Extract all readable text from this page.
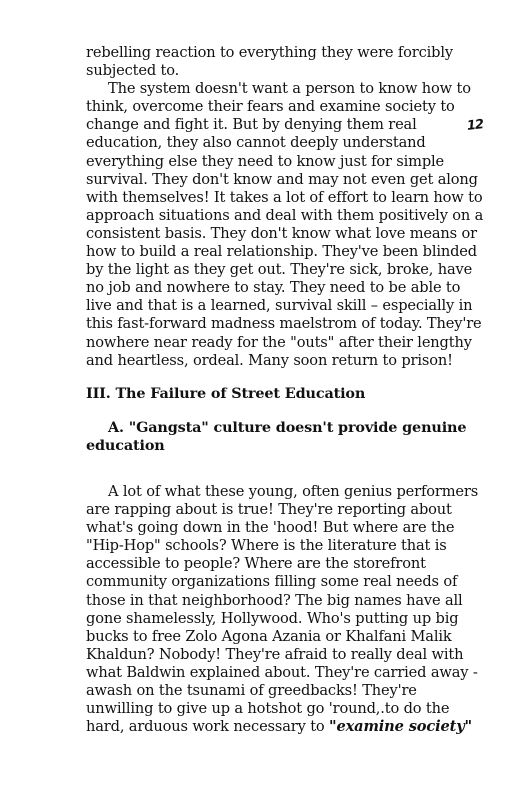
rebelling reaction to everything they were forcibly
subjected to.
The system doesn't want a person to know how to
think, overcome their fears and examine society to
change and fight it. But by denying them real
education, they also cannot deeply understand
everything else they need to know just for simple
survival. They don't know and may not even get along
with themselves! It takes a lot of effort to learn how to
approach situations and deal with them positively on a
consistent basis. They don't know what love means or
how to build a real relationship. They've been blinded
by the light as they get out. They're sick, broke, have
no job and nowhere to stay. They need to be able to
live and that is a learned, survival skill – especially in
this fast-forward madness maelstrom of today. They're
nowhere near ready for the "outs" after their lengthy
and heartless, ordeal. Many soon return to prison!
III. The Failure of Street Education
A. "Gangsta" culture doesn't provide genuine
education
A lot of what these young, often genius performers
are rapping about is true! They're reporting about
what's going down in the 'hood! But where are the
"Hip-Hop" schools? Where is the literature that is
accessible to people? Where are the storefront
community organizations filling some real needs of
those in that neighborhood? The big names have all
gone shamelessly, Hollywood. Who's putting up big
bucks to free Zolo Agona Azania or Khalfani Malik
Khaldun? Nobody! They're afraid to really deal with
what Baldwin explained about. They're carried away -
awash on the tsunami of greedbacks! They're
unwilling to give up a hotshot go 'round,.to do the
hard, arduous work necessary to "examine society"
12
